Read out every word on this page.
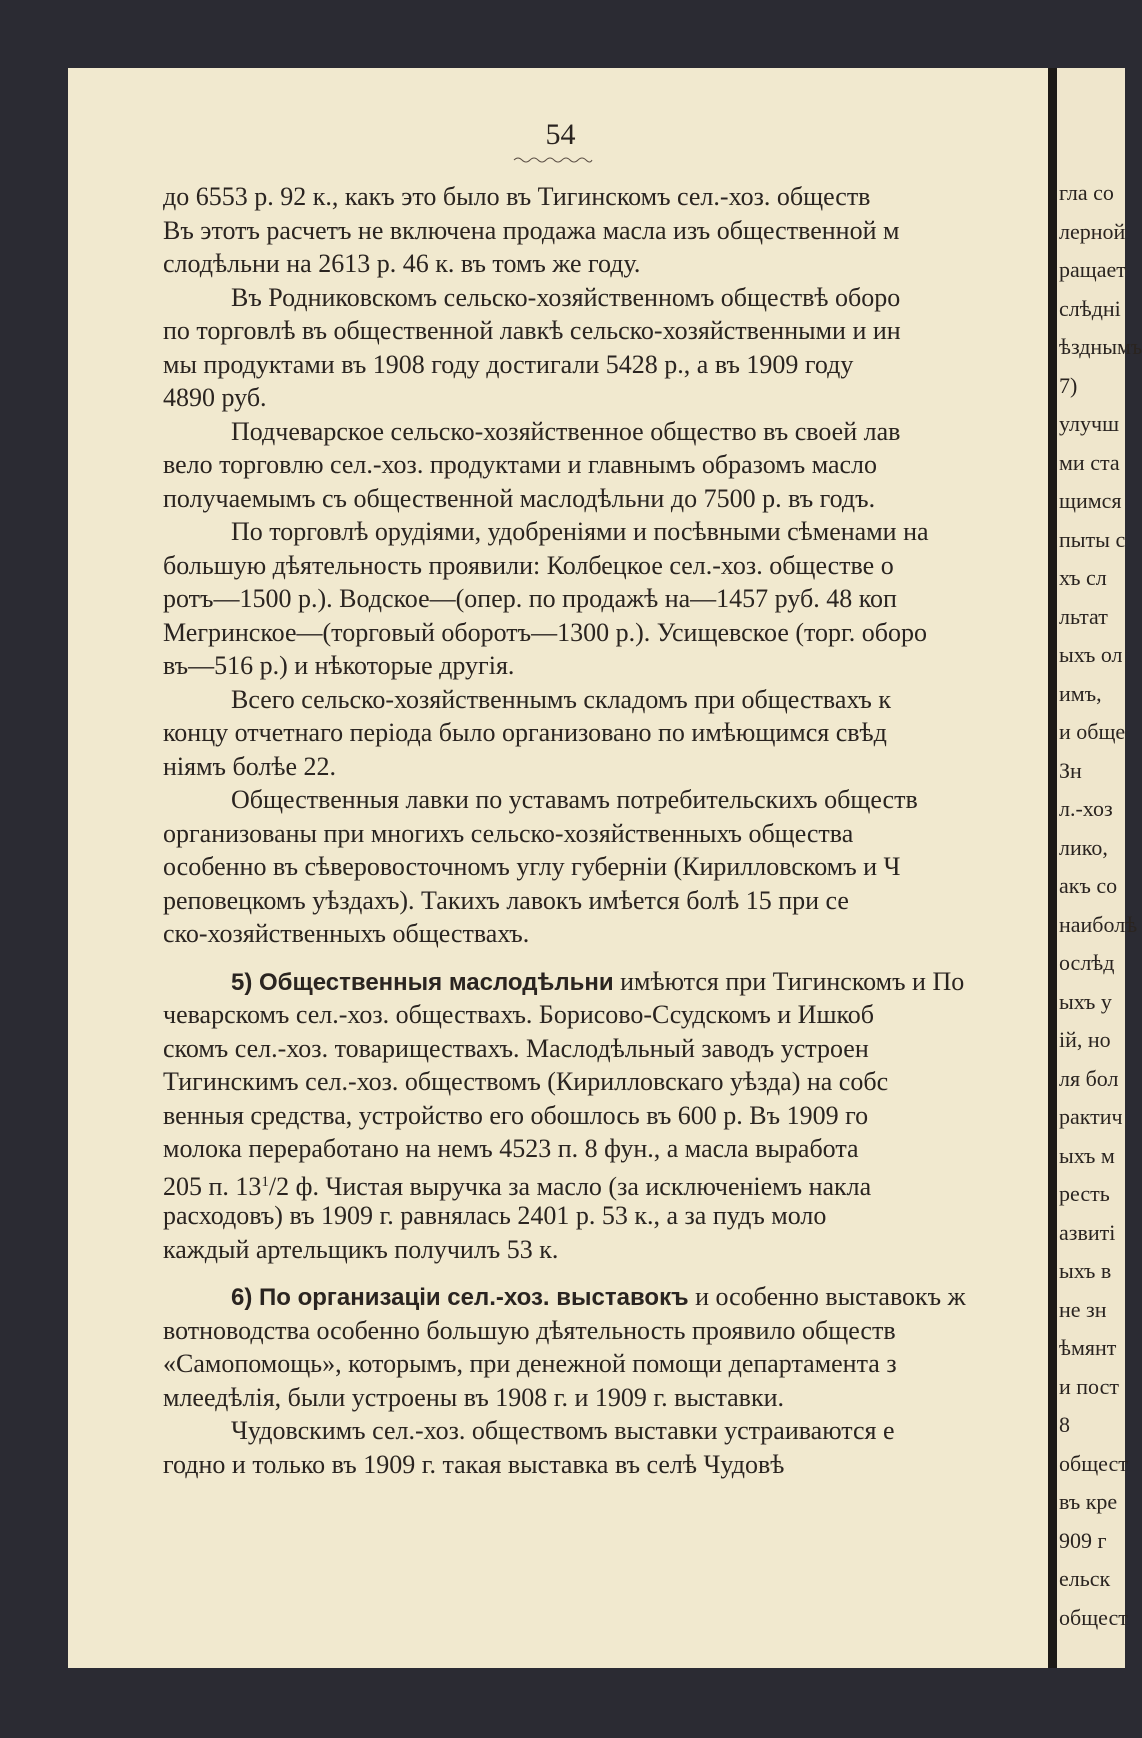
54
до 6553 р. 92 к., какъ это было въ Тигинскомъ сел.-хоз. обществ
Въ этотъ расчетъ не включена продажа масла изъ общественной м
слодѣльни на 2613 р. 46 к. въ томъ же году.
Въ Родниковскомъ сельско-хозяйственномъ обществѣ оборо
по торговлѣ въ общественной лавкѣ сельско-хозяйственными и ин
мы продуктами въ 1908 году достигали 5428 р., а въ 1909 году
4890 руб.
Подчеварское сельско-хозяйственное общество въ своей лав
вело торговлю сел.-хоз. продуктами и главнымъ образомъ масло
получаемымъ съ общественной маслодѣльни до 7500 р. въ годъ.
По торговлѣ орудіями, удобреніями и посѣвными сѣменами на
большую дѣятельность проявили: Колбецкое сел.-хоз. обществе о
ротъ—1500 р.). Водское—(опер. по продажѣ на—1457 руб. 48 коп
Мегринское—(торговый оборотъ—1300 р.). Усищевское (торг. оборо
въ—516 р.) и нѣкоторые другія.
Всего сельско-хозяйственнымъ складомъ при обществахъ к
концу отчетнаго періода было организовано по имѣющимся свѣд
ніямъ болѣе 22.
Общественныя лавки по уставамъ потребительскихъ обществ
организованы при многихъ сельско-хозяйственныхъ общества
особенно въ сѣверовосточномъ углу губерніи (Кирилловскомъ и Ч
реповецкомъ уѣздахъ). Такихъ лавокъ имѣется болѣ 15 при се
ско-хозяйственныхъ обществахъ.
5) Общественныя маслодѣльни имѣются при Тигинскомъ и По
чеварскомъ сел.-хоз. обществахъ. Борисово-Ссудскомъ и Ишкоб
скомъ сел.-хоз. товариществахъ. Маслодѣльный заводъ устроен
Тигинскимъ сел.-хоз. обществомъ (Кирилловскаго уѣзда) на собс
венныя средства, устройство его обошлось въ 600 р. Въ 1909 го
молока переработано на немъ 4523 п. 8 фун., а масла выработа
205 п. $13^1/2$ ф. Чистая выручка за масло (за исключеніемъ накла
расходовъ) въ 1909 г. равнялась 2401 р. 53 к., а за пудъ моло
каждый артельщикъ получилъ 53 к.
6) По организаціи сел.-хоз. выставокъ и особенно выставокъ ж
вотноводства особенно большую дѣятельность проявило обществ
«Самопомощь», которымъ, при денежной помощи департамента з
млеедѣлія, были устроены въ 1908 г. и 1909 г. выставки.
Чудовскимъ сел.-хоз. обществомъ выставки устраиваются е
годно и только въ 1909 г. такая выставка въ селѣ Чудовѣ
гла со
лерной
ращает
слѣдні
ѣзднымъ
7)
улучш
ми ста
щимся
пыты с
хъ сл
льтат
ыхъ ол
имъ,
и обще
Зн
л.-хоз
лико,
акъ со
наиболѣ
ослѣд
ыхъ у
ій, но
ля бол
рактич
ыхъ м
ресть
азвиті
ыхъ в
не зн
ѣмянт
и пост
8
общест
въ кре
909 г
ельск
общест
